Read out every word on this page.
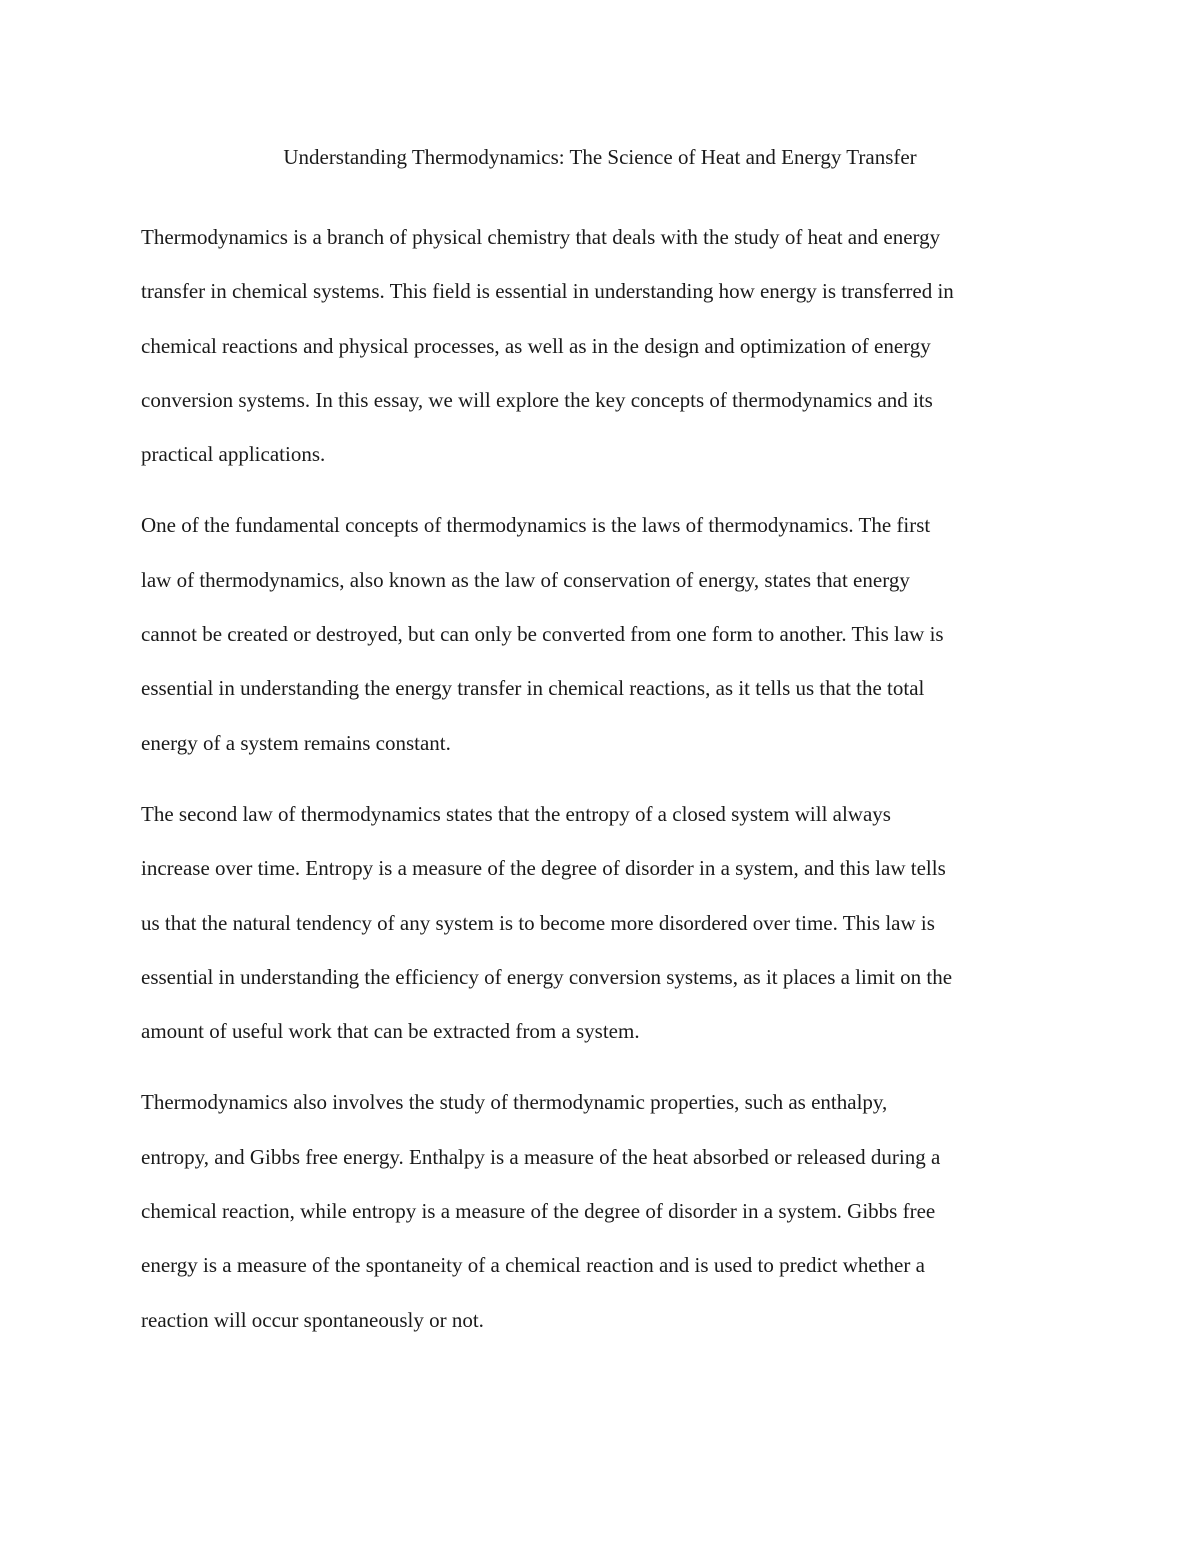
Understanding Thermodynamics: The Science of Heat and Energy Transfer

Thermodynamics is a branch of physical chemistry that deals with the study of heat and energy
transfer in chemical systems. This field is essential in understanding how energy is transferred in
chemical reactions and physical processes, as well as in the design and optimization of energy
conversion systems. In this essay, we will explore the key concepts of thermodynamics and its
practical applications.

One of the fundamental concepts of thermodynamics is the laws of thermodynamics. The first
law of thermodynamics, also known as the law of conservation of energy, states that energy
cannot be created or destroyed, but can only be converted from one form to another. This law is
essential in understanding the energy transfer in chemical reactions, as it tells us that the total
energy of a system remains constant.

The second law of thermodynamics states that the entropy of a closed system will always
increase over time. Entropy is a measure of the degree of disorder in a system, and this law tells
us that the natural tendency of any system is to become more disordered over time. This law is
essential in understanding the efficiency of energy conversion systems, as it places a limit on the
amount of useful work that can be extracted from a system.

Thermodynamics also involves the study of thermodynamic properties, such as enthalpy,
entropy, and Gibbs free energy. Enthalpy is a measure of the heat absorbed or released during a
chemical reaction, while entropy is a measure of the degree of disorder in a system. Gibbs free
energy is a measure of the spontaneity of a chemical reaction and is used to predict whether a
reaction will occur spontaneously or not.
